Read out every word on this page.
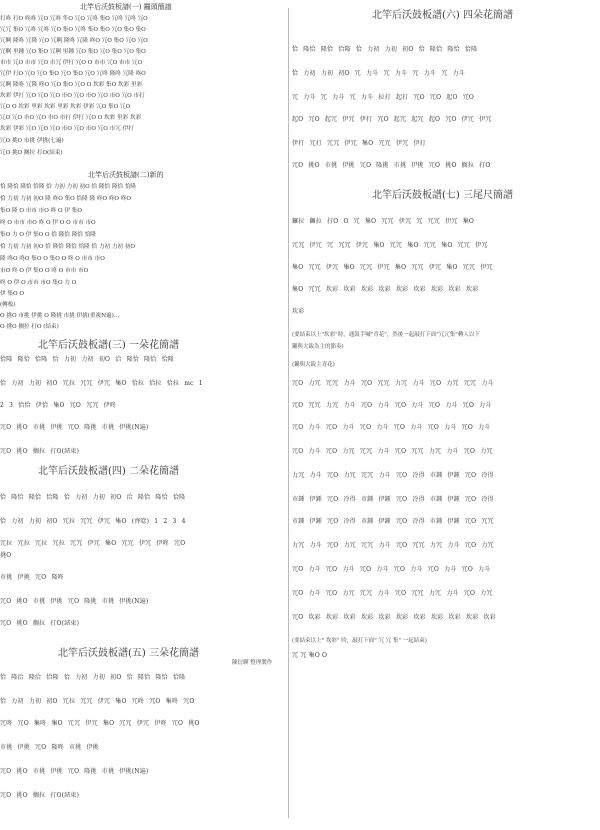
北竿后沃鼓板譜(一) 鑼頭簡譜
打咚 打O 咚咚 冗O 冗咚 隼O 冗O 冗咚 集O 冗咚 冗咚 冗O
冗冗 集O 冗咚 冗咚 冗O 集O 冗咚 集O 集O 冗O 集O 集O
冗啊 隆咚 冗隆 冗O 冗啊 隆咚 冗隆 咚O 冗O 集O 冗O 冗O
冗啊 里鍾 冗O 集O 冗啊 里鍾 冗O 集O 冗O 集O 冗O 集O
市市 冗O 市市 冗O 市冗 伊打 冗O O 市市 冗O 市市 冗O
冗伊 打O 冗O 冗O 集O 冗O 集O 冗O 冗咚 隆咚 冗隆 咚O
冗啊 隆咚 冗隆 咚O 冗O 集O 冗O O 坎彩 集O 坎彩 里彩
坎彩 伊打 冗O 冗O 冗O 市O 冗O 市O 冗O 市O 冗O 市打
冗O O 坎彩 里彩 坎彩 里彩 坎彩 伊彩 冗O 集O 冗O
冗O 冗O 市O 冗O 市O 市打 伊打 冗O O 坎彩 里彩 坎彩
坎彩 伊彩 冗O 冗O 冗O 市O 冗O 市O 冗O 市冗 伊打
冗O 挑O 市挑 伊挑(七遍)
冗O 挑O 搁拉 打O(結束)
北竿后沃鼓板譜(二)新的
恰 隆恰 隆恰 恰隆 恰 力初 力初 初O 恰 隆恰 隆恰 恰隆
恰 力初 力初 初O 隆 咚O 集O 恰隆 隆 咚O 咚O 咚O
集O 隆 O 市市 市O 咚 O 伊 集O
咚 O 市市 市O 咚 O 伊 O O 市市 市O
集O 力 O 伊 集O O 恰 隆恰 隆恰 恰隆
恰 力初 力初 初O 恰 隆恰 隆恰 恰隆 恰 力初 力初 初O
隆 咚O 咚O 集O O 集O O 咚 O 市市 市O
市O 咚 O 伊 集O O 咚 O 市市 市O
咚 O 伊 O 市市 市O 集O 力 O
伊 集O O
(轉板)
O 挑O 市挑 伊挑 O 隆挑 市挑 伊挑(重複N遍)…
O 挑O 搁拉 打O (結束)
北竿后沃鼓板譜(三) 一朵花簡譜
恰隆 隆恰 恰隆 恰 力初 力初 初O 洽 隆恰 隆恰 恰隆
恰 力初 力初 初O 冗拉 冗冗 伊冗 集O 恰拉 恰拉 恰拉 mc 1
2 3 恰恰 伊恰 集O 冗O 冗冗 伊咚
冗O 挑O 市挑 伊挑 冗O 隆挑 市挑 伊挑(N遍)
冗O 挑O 搁拉 打O(結束)
北竿后沃鼓板譜(四) 二朵花簡譜
恰 隆恰 隆恰 恰隆 恰 力初 力初 初O 洽 隆恰 隆恰 恰隆
恰 力初 力初 初O 冗拉 冗冗 伊冗 集O (齊唸) 1 2 3 4
冗拉 冗拉 冗拉 冗拉 冗冗 伊冗 集O 冗冗 伊冗 伊咚 冗O
挑O
市挑 伊挑 冗O 隆咚
冗O 挑O 市挑 伊挑 冗O 隆挑 市挑 伊挑(N遍)
冗O 挑O 搁拉 打O(結束)
北竿后沃鼓板譜(五) 三朵花簡譜
陳衍聊 整理製作
恰 隆洽 隆洽 恰隆 恰 力初 力初 初O 恰 隆恰 隆恰 恰隆
恰 力初 力初 初O 冗拉 冗冗 伊冗 集O 冗咚 冗O 集咚 冗O
冗咚 冗O 集咚 集O 冗冗 伊冗 集O 冗冗 伊冗 伊咚 冗O 挑O
市挑 伊挑 冗O 隆咚 市挑 伊挑
冗O 挑O 市挑 伊挑 冗O 隆挑 市挑 伊挑(N遍)
冗O 挑O 搁拉 打O(結束)
北竿后沃鼓板譜(六) 四朵花簡譜
恰 隆恰 隆恰 恰隆 恰 力初 力初 初O 恰 隆恰 隆恰 恰隆
恰 力初 力初 初O 冗 力斗 冗 力斗 冗 力斗 冗 力斗
冗 力斗 冗 力斗 冗 力斗 拉打 起打 冗O 冗O 起O 冗O
起O 冗O 起冗 伊冗 伊打 冗O 起冗 起冗 起O 冗O 伊冗 伊冗
伊打 冗打 冗冗 伊冗 集O 冗冗 伊冗 伊打
冗O 挑O 市挑 伊挑 冗O 隆挑 市挑 伊挑 冗O 挑O 搁拉 打O
北竿后沃鼓板譜(七) 三尾尺簡譜
鑼拉 鑼拉 打O O 冗 集O 冗冗 伊冗 冗 冗冗 伊冗 集O
冗冗 伊冗 冗 冗冗 伊冗 集O 冗冗 集O 冗冗 集O 冗冗 伊冗
集O 冗冗 伊冗 集O 冗冗 伊冗 集O 冗冗 伊冗 集O 冗冗 伊冗
集O 冗冗 坎彩 坎彩 坎彩 坎彩 坎彩 坎彩 坎彩 坎彩 坎彩
坎彩
(要結束以上"坎彩"時，通鼓手喊"青花"，然後一起敲打下面"冗冗集"轉人以下
鑼與大鈸為主的節奏)
(鑼與大鈸主青花)
冗O 力冗 冗冗 力斗 冗O 冗冗 力冗 力斗 冗O 力冗 冗冗 力斗
冗O 冗冗 力冗 力斗 冗O 力斗 冗O 力斗 冗O 力斗 冗O 力斗
冗O 力斗 冗O 力斗 冗O 力斗 冗O 力斗 冗O 力斗 冗O 力斗
冗O 力斗 冗O 力冗 冗冗 力斗 冗O 冗冗 力冗 力斗 冗O 力冗
力冗 力斗 冗O 力冗 冗冗 力斗 冗O 冷得 市鍾 伊鍾 冗O 冷得
市鍾 伊鍾 冗O 冷得 市鍾 伊鍾 冗O 冷得 市鍾 伊鍾 冗O 冷得
市鍾 伊鍾 冗O 冷得 市鍾 伊鍾 冗O 冷得 市鍾 伊鍾 冗O 冗冗
力冗 力斗 冗O 力冗 冗冗 力斗 冗O 冗冗 力冗 力斗 冗O 力冗
冗O 力斗 冗O 力斗 冗O 力斗 冗O 力斗 冗O 力斗 冗O 力斗
冗O 力斗 冗O 力冗 冗冗 力斗 冗O 冗冗 力冗 力斗 冗O 力冗
冗O 坎彩 坎彩 坎彩 坎彩 坎彩 坎彩 坎彩 坎彩 坎彩 坎彩 坎彩
(要結束以上" 坎彩" 時，敲打下面" 冗 冗 集" 一起結束)
冗 冗 集O O
